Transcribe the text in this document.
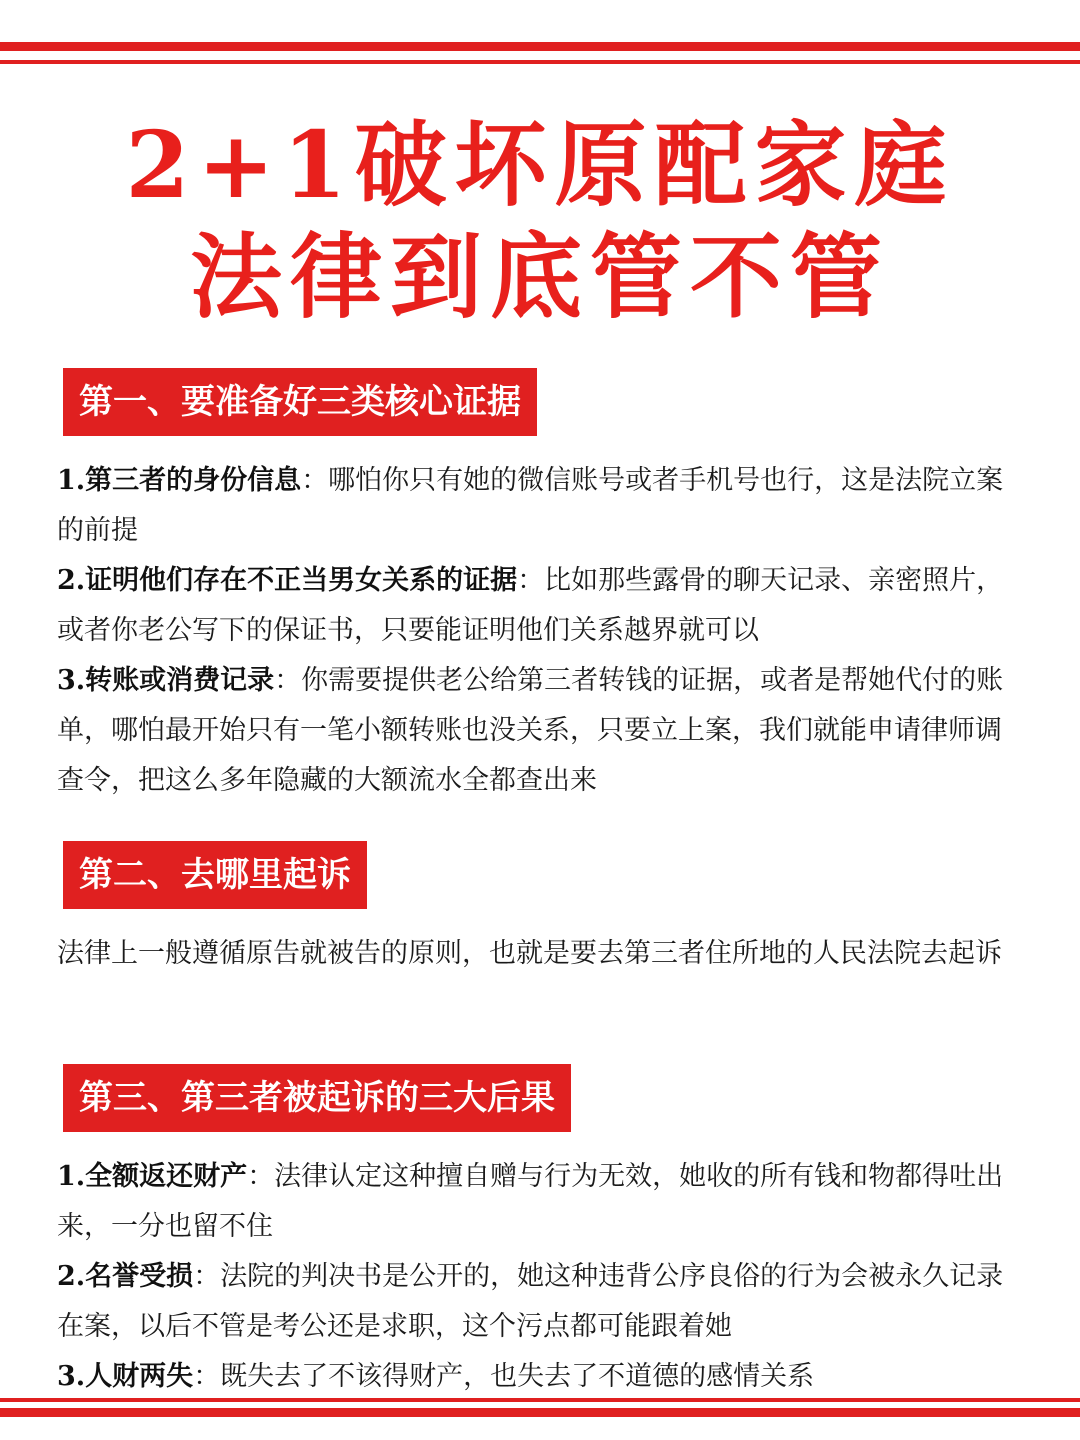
2+1破坏原配家庭
法律到底管不管
第一、要准备好三类核心证据

1.第三者的身份信息：哪怕你只有她的微信账号或者手机号也行，这是法院立案的前提

2.证明他们存在不正当男女关系的证据：比如那些露骨的聊天记录、亲密照片，或者你老公写下的保证书，只要能证明他们关系越界就可以

3.转账或消费记录：你需要提供老公给第三者转钱的证据，或者是帮她代付的账单，哪怕最开始只有一笔小额转账也没关系，只要立上案，我们就能申请律师调查令，把这么多年隐藏的大额流水全都查出来

第二、去哪里起诉

法律上一般遵循原告就被告的原则，也就是要去第三者住所地的人民法院去起诉

第三、第三者被起诉的三大后果

1.全额返还财产：法律认定这种擅自赠与行为无效，她收的所有钱和物都得吐出来，一分也留不住

2.名誉受损：法院的判决书是公开的，她这种违背公序良俗的行为会被永久记录在案，以后不管是考公还是求职，这个污点都可能跟着她

3.人财两失：既失去了不该得财产，也失去了不道德的感情关系
